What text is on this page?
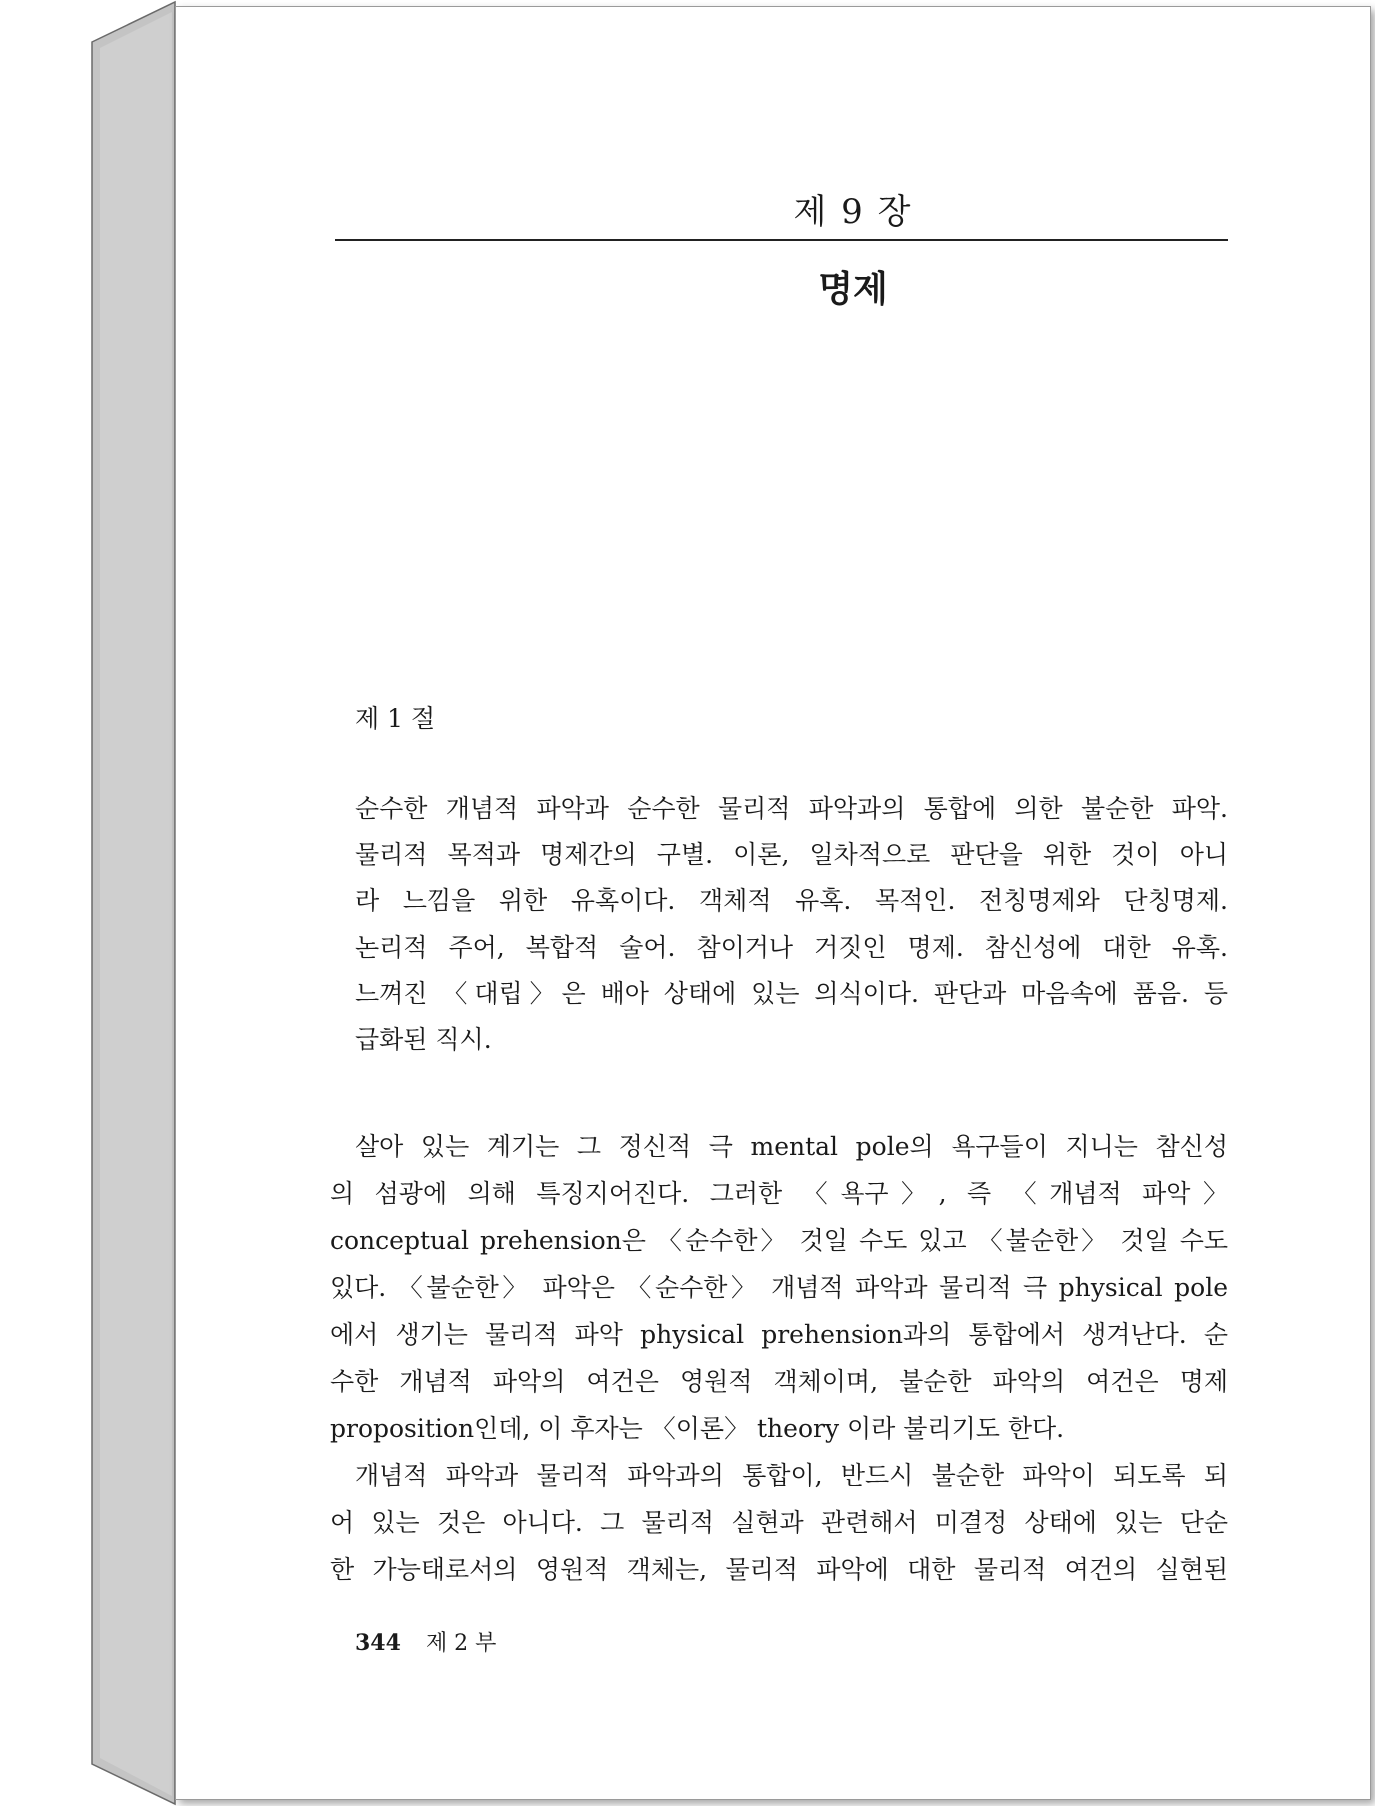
제 9 장
명제
제 1 절
순수한 개념적 파악과 순수한 물리적 파악과의 통합에 의한 불순한 파악.
물리적 목적과 명제간의 구별. 이론, 일차적으로 판단을 위한 것이 아니
라 느낌을 위한 유혹이다. 객체적 유혹. 목적인. 전칭명제와 단칭명제.
논리적 주어, 복합적 술어. 참이거나 거짓인 명제. 참신성에 대한 유혹.
느껴진 〈대립〉은 배아 상태에 있는 의식이다. 판단과 마음속에 품음. 등
급화된 직시.
살아 있는 계기는 그 정신적 극 mental pole의 욕구들이 지니는 참신성
의 섬광에 의해 특징지어진다. 그러한 〈욕구〉, 즉 〈개념적 파악〉
conceptual prehension은 〈순수한〉 것일 수도 있고 〈불순한〉 것일 수도
있다. 〈불순한〉 파악은 〈순수한〉 개념적 파악과 물리적 극 physical pole
에서 생기는 물리적 파악 physical prehension과의 통합에서 생겨난다. 순
수한 개념적 파악의 여건은 영원적 객체이며, 불순한 파악의 여건은 명제
proposition인데, 이 후자는 〈이론〉 theory 이라 불리기도 한다.
개념적 파악과 물리적 파악과의 통합이, 반드시 불순한 파악이 되도록 되
어 있는 것은 아니다. 그 물리적 실현과 관련해서 미결정 상태에 있는 단순
한 가능태로서의 영원적 객체는, 물리적 파악에 대한 물리적 여건의 실현된
344 제 2 부
